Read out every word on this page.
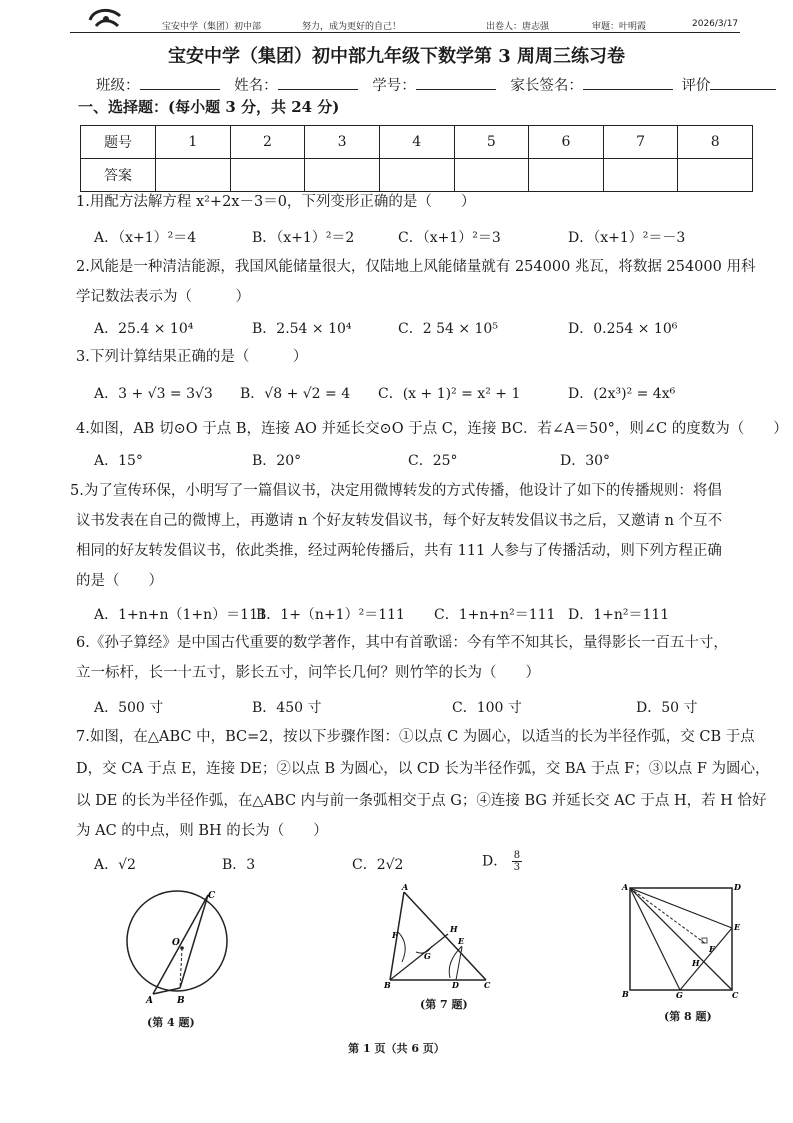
宝安中学（集团）初中部	努力，成为更好的自己！	出卷人：唐志强	审题：叶明霞	2026/3/17
宝安中学（集团）初中部九年级下数学第 3 周周三练习卷
班级：	姓名：	学号：	家长签名：	评价
一、选择题：(每小题 3 分，共 24 分)
题号	1	2	3	4	5	6	7	8
答案								
1.用配方法解方程 x²+2x－3＝0，下列变形正确的是（　　）
A．（x+1）²＝4	B．（x+1）²＝2	C．（x+1）²＝3	D．（x+1）²＝－3
2.风能是一种清洁能源，我国风能储量很大，仅陆地上风能储量就有 254000 兆瓦，将数据 254000 用科
学记数法表示为（　　　）
A．25.4 × 10⁴	B．2.54 × 10⁴	C．2 54 × 10⁵	D．0.254 × 10⁶
3.下列计算结果正确的是（　　　）
A．3 + √3 = 3√3 B．√8 + √2 = 4 C．(x + 1)² = x² + 1	D．(2x³)² = 4x⁶
4.如图，AB 切⊙O 于点 B，连接 AO 并延长交⊙O 于点 C，连接 BC．若∠A＝50°，则∠C 的度数为（　　）
A．15°	B．20°	C．25°	D．30°
5.为了宣传环保，小明写了一篇倡议书，决定用微博转发的方式传播，他设计了如下的传播规则：将倡
议书发表在自己的微博上，再邀请 n 个好友转发倡议书，每个好友转发倡议书之后，又邀请 n 个互不
相同的好友转发倡议书，依此类推，经过两轮传播后，共有 111 人参与了传播活动，则下列方程正确
的是（　　）
A．1+n+n（1+n）＝111
B．1+（n+1）²＝111 C．1+n+n²＝111 D．1+n²＝111
6.《孙子算经》是中国古代重要的数学著作，其中有首歌谣：今有竿不知其长，量得影长一百五十寸，
立一标杆，长一十五寸，影长五寸，问竿长几何？则竹竿的长为（　　）
A．500 寸	B．450 寸	C．100 寸	D．50 寸
7.如图，在△ABC 中，BC=2，按以下步骤作图：①以点 C 为圆心，以适当的长为半径作弧，交 CB 于点
D，交 CA 于点 E，连接 DE；②以点 B 为圆心，以 CD 长为半径作弧，交 BA 于点 F；③以点 F 为圆心，
以 DE 的长为半径作弧，在△ABC 内与前一条弧相交于点 G；④连接 BG 并延长交 AC 于点 H，若 H 恰好
为 AC 的中点，则 BH 的长为（　　）
A．√2	B．3	C．2√2	D． $\frac{8}{3}$
C
O
A	B
(第 4 题)
A
F
H
E
G
B	D	C
(第 7 题)
A	D
E
F
H
B	G	C
(第 8 题)
第 1 页（共 6 页）
